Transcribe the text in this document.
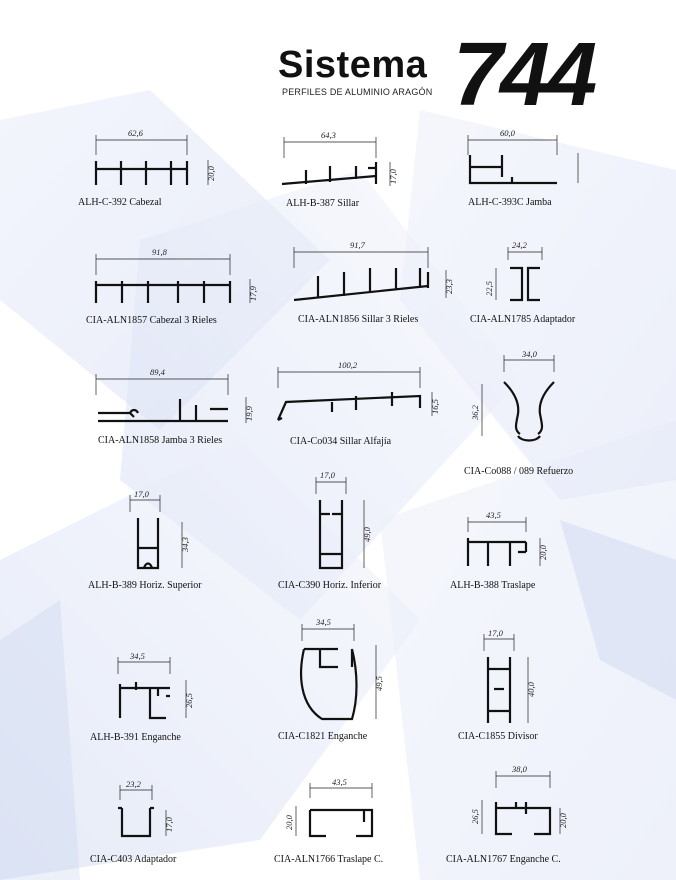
Sistema
PERFILES DE ALUMINIO ARAGÓN 744
62,6
20,0
ALH-C-392 Cabezal
64,3
17,0
ALH-B-387 Sillar
60,0
ALH-C-393C Jamba
91,8
17,9
CIA-ALN1857 Cabezal 3 Rieles
91,7
23,3
CIA-ALN1856 Sillar 3 Rieles
24,2
22,5
CIA-ALN1785 Adaptador
89,4
19,9
CIA-ALN1858 Jamba 3 Rieles
100,2
16,5
CIA-Co034 Sillar Alfajía
34,0
36,2
CIA-Co088 / 089 Refuerzo
17,0
34,3
ALH-B-389 Horiz. Superior
17,0
49,0
CIA-C390 Horiz. Inferior
43,5
20,0
ALH-B-388 Traslape
34,5
26,5
ALH-B-391 Enganche
34,5
49,5
CIA-C1821 Enganche
17,0
40,0
CIA-C1855 Divisor
23,2
17,0
CIA-C403 Adaptador
43,5
20,0
CIA-ALN1766 Traslape C.
38,0
26,5	20,0
CIA-ALN1767 Enganche C.
